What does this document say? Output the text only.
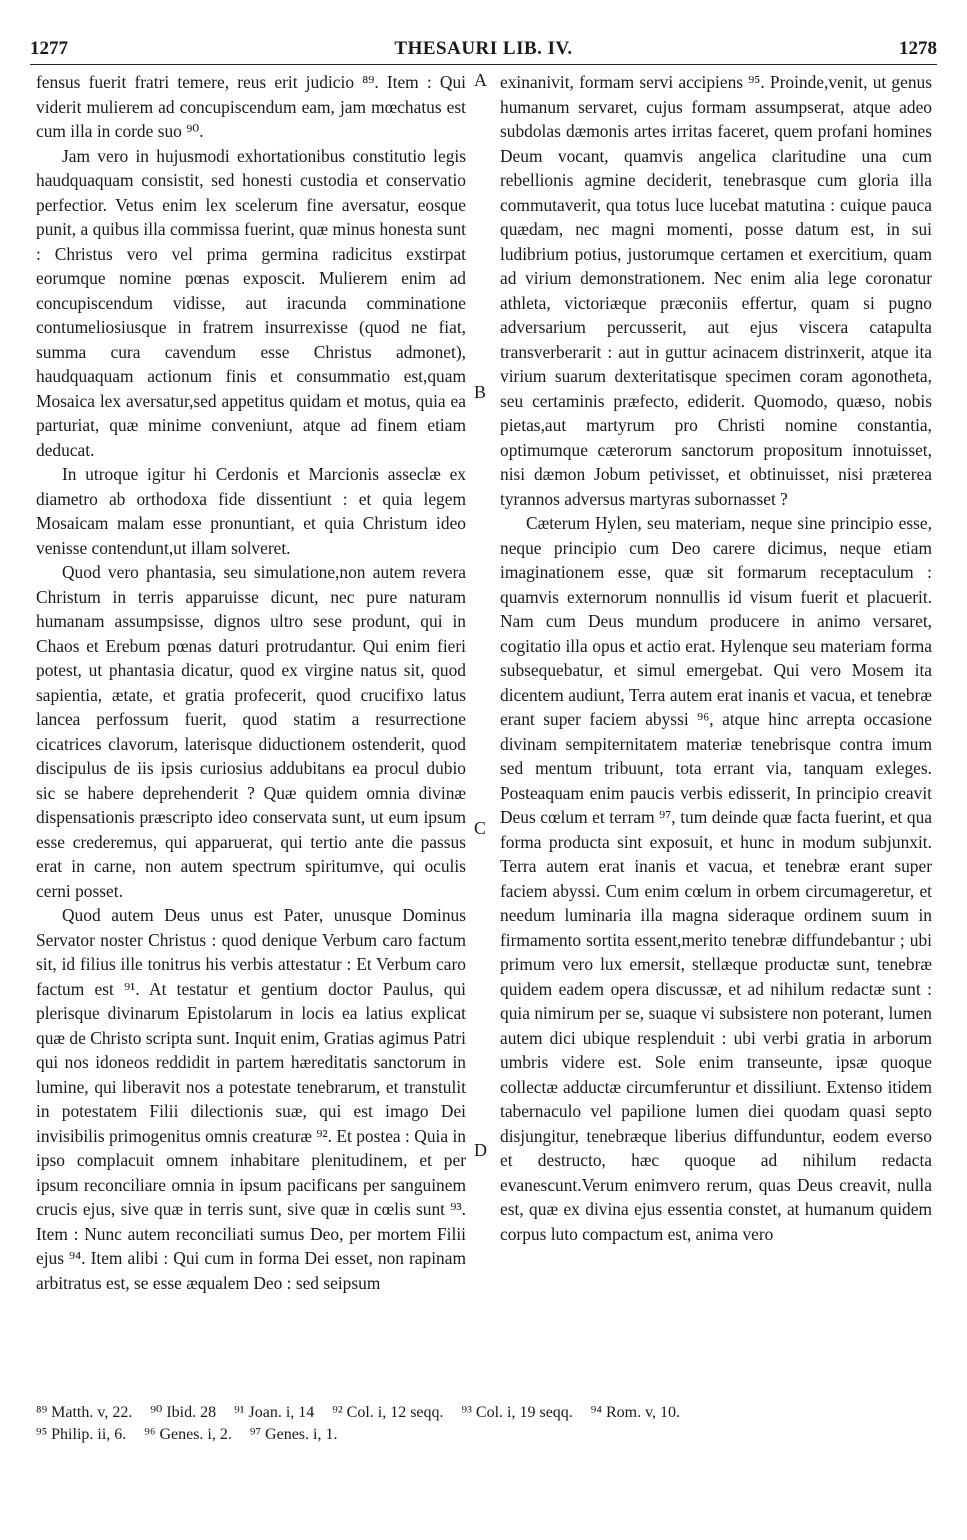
1277	THESAURI LIB. IV.	1278

fensus fuerit fratri temere, reus erit judicio ⁸⁹. Item : Qui viderit mulierem ad concupiscendum eam, jam mœchatus est cum illa in corde suo ⁹⁰.

Jam vero in hujusmodi exhortationibus constitutio legis haudquaquam consistit, sed honesti custodia et conservatio perfectior. Vetus enim lex scelerum fine aversatur, eosque punit, a quibus illa commissa fuerint, quæ minus honesta sunt : Christus vero vel prima germina radicitus exstirpat eorumque nomine pœnas exposcit. Mulierem enim ad concupiscendum vidisse, aut iracunda comminatione contumeliosiusque in fratrem insurrexisse (quod ne fiat, summa cura cavendum esse Christus admonet), haudquaquam actionum finis et consummatio est,quam Mosaica lex aversatur,sed appetitus quidam et motus, quia ea parturiat, quæ minime conveniunt, atque ad finem etiam deducat.

In utroque igitur hi Cerdonis et Marcionis asseclæ ex diametro ab orthodoxa fide dissentiunt : et quia legem Mosaicam malam esse pronuntiant, et quia Christum ideo venisse contendunt,ut illam solveret.

Quod vero phantasia, seu simulatione,non autem revera Christum in terris apparuisse dicunt, nec pure naturam humanam assumpsisse, dignos ultro sese produnt, qui in Chaos et Erebum pœnas daturi protrudantur. Qui enim fieri potest, ut phantasia dicatur, quod ex virgine natus sit, quod sapientia, ætate, et gratia profecerit, quod crucifixo latus lancea perfossum fuerit, quod statim a resurrectione cicatrices clavorum, laterisque diductionem ostenderit, quod discipulus de iis ipsis curiosius addubitans ea procul dubio sic se habere deprehenderit ? Quæ quidem omnia divinæ dispensationis præscripto ideo conservata sunt, ut eum ipsum esse crederemus, qui apparuerat, qui tertio ante die passus erat in carne, non autem spectrum spiritumve, qui oculis cerni posset.

Quod autem Deus unus est Pater, unusque Dominus Servator noster Christus : quod denique Verbum caro factum sit, id filius ille tonitrus his verbis attestatur : Et Verbum caro factum est ⁹¹. At testatur et gentium doctor Paulus, qui plerisque divinarum Epistolarum in locis ea latius explicat quæ de Christo scripta sunt. Inquit enim, Gratias agimus Patri qui nos idoneos reddidit in partem hæreditatis sanctorum in lumine, qui liberavit nos a potestate tenebrarum, et transtulit in potestatem Filii dilectionis suæ, qui est imago Dei invisibilis primogenitus omnis creaturæ ⁹². Et postea : Quia in ipso complacuit omnem inhabitare plenitudinem, et per ipsum reconciliare omnia in ipsum pacificans per sanguinem crucis ejus, sive quæ in terris sunt, sive quæ in cœlis sunt ⁹³. Item : Nunc autem reconciliati sumus Deo, per mortem Filii ejus ⁹⁴. Item alibi : Qui cum in forma Dei esset, non rapinam arbitratus est, se esse æqualem Deo : sed seipsum

A
B
C
D

exinanivit, formam servi accipiens ⁹⁵. Proinde,venit, ut genus humanum servaret, cujus formam assumpserat, atque adeo subdolas dæmonis artes irritas faceret, quem profani homines Deum vocant, quamvis angelica claritudine una cum rebellionis agmine deciderit, tenebrasque cum gloria illa commutaverit, qua totus luce lucebat matutina : cuique pauca quædam, nec magni momenti, posse datum est, in sui ludibrium potius, justorumque certamen et exercitium, quam ad virium demonstrationem. Nec enim alia lege coronatur athleta, victoriæque præconiis effertur, quam si pugno adversarium percusserit, aut ejus viscera catapulta transverberarit : aut in guttur acinacem distrinxerit, atque ita virium suarum dexteritatisque specimen coram agonotheta, seu certaminis præfecto, ediderit. Quomodo, quæso, nobis pietas,aut martyrum pro Christi nomine constantia, optimumque cæterorum sanctorum propositum innotuisset, nisi dæmon Jobum petivisset, et obtinuisset, nisi præterea tyrannos adversus martyras subornasset ?

Cæterum Hylen, seu materiam, neque sine principio esse, neque principio cum Deo carere dicimus, neque etiam imaginationem esse, quæ sit formarum receptaculum : quamvis externorum nonnullis id visum fuerit et placuerit. Nam cum Deus mundum producere in animo versaret, cogitatio illa opus et actio erat. Hylenque seu materiam forma subsequebatur, et simul emergebat. Qui vero Mosem ita dicentem audiunt, Terra autem erat inanis et vacua, et tenebræ erant super faciem abyssi ⁹⁶, atque hinc arrepta occasione divinam sempiternitatem materiæ tenebrisque contra imum sed mentum tribuunt, tota errant via, tanquam exleges. Posteaquam enim paucis verbis edisserit, In principio creavit Deus cœlum et terram ⁹⁷, tum deinde quæ facta fuerint, et qua forma producta sint exposuit, et hunc in modum subjunxit. Terra autem erat inanis et vacua, et tenebræ erant super faciem abyssi. Cum enim cœlum in orbem circumageretur, et needum luminaria illa magna sideraque ordinem suum in firmamento sortita essent,merito tenebræ diffundebantur ; ubi primum vero lux emersit, stellæque productæ sunt, tenebræ quidem eadem opera discussæ, et ad nihilum redactæ sunt : quia nimirum per se, suaque vi subsistere non poterant, lumen autem dici ubique resplenduit : ubi verbi gratia in arborum umbris videre est. Sole enim transeunte, ipsæ quoque collectæ adductæ circumferuntur et dissiliunt. Extenso itidem tabernaculo vel papilione lumen diei quodam quasi septo disjungitur, tenebræque liberius diffunduntur, eodem everso et destructo, hæc quoque ad nihilum redacta evanescunt.Verum enimvero rerum, quas Deus creavit, nulla est, quæ ex divina ejus essentia constet, at humanum quidem corpus luto compactum est, anima vero

⁸⁹ Matth. v, 22. ⁹⁰ Ibid. 28 ⁹¹ Joan. i, 14 ⁹² Col. i, 12 seqq. ⁹³ Col. i, 19 seqq. ⁹⁴ Rom. v, 10.
⁹⁵ Philip. ii, 6. ⁹⁶ Genes. i, 2. ⁹⁷ Genes. i, 1.
